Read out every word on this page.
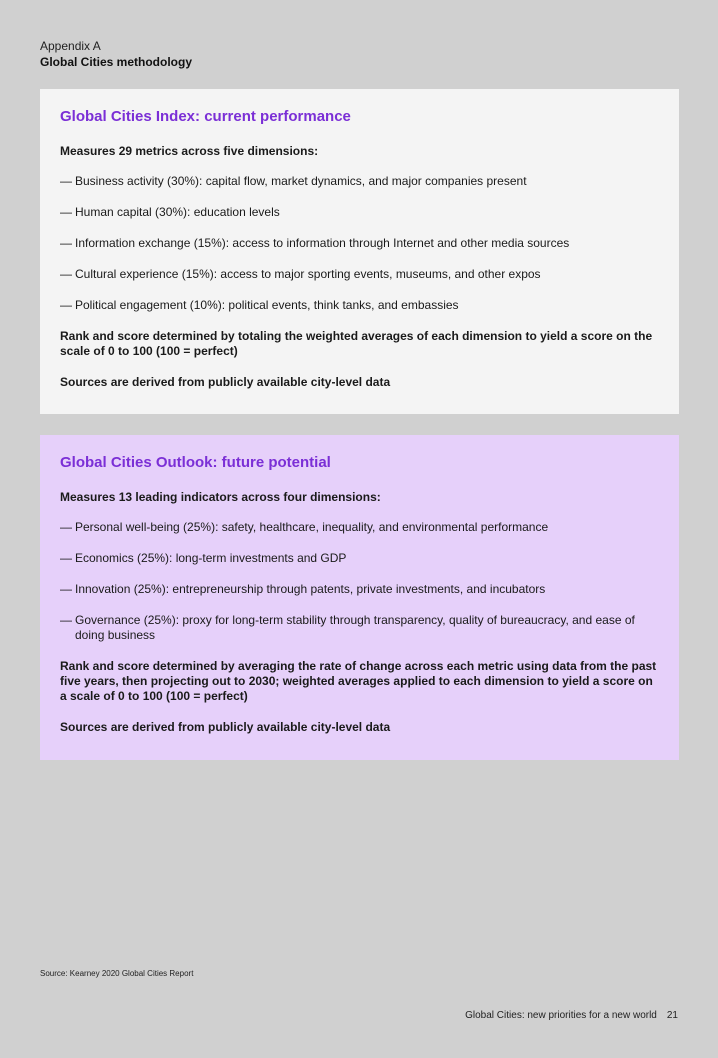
Appendix A
Global Cities methodology
Global Cities Index: current performance
Measures 29 metrics across five dimensions:
— Business activity (30%): capital flow, market dynamics, and major companies present
— Human capital (30%): education levels
— Information exchange (15%): access to information through Internet and other media sources
— Cultural experience (15%): access to major sporting events, museums, and other expos
— Political engagement (10%): political events, think tanks, and embassies
Rank and score determined by totaling the weighted averages of each dimension to yield a score on the scale of 0 to 100 (100 = perfect)
Sources are derived from publicly available city-level data
Global Cities Outlook: future potential
Measures 13 leading indicators across four dimensions:
— Personal well-being (25%): safety, healthcare, inequality, and environmental performance
— Economics (25%): long-term investments and GDP
— Innovation (25%): entrepreneurship through patents, private investments, and incubators
— Governance (25%): proxy for long-term stability through transparency, quality of bureaucracy, and ease of doing business
Rank and score determined by averaging the rate of change across each metric using data from the past five years, then projecting out to 2030; weighted averages applied to each dimension to yield a score on a scale of 0 to 100 (100 = perfect)
Sources are derived from publicly available city-level data
Source: Kearney 2020 Global Cities Report
Global Cities: new priorities for a new world 21
